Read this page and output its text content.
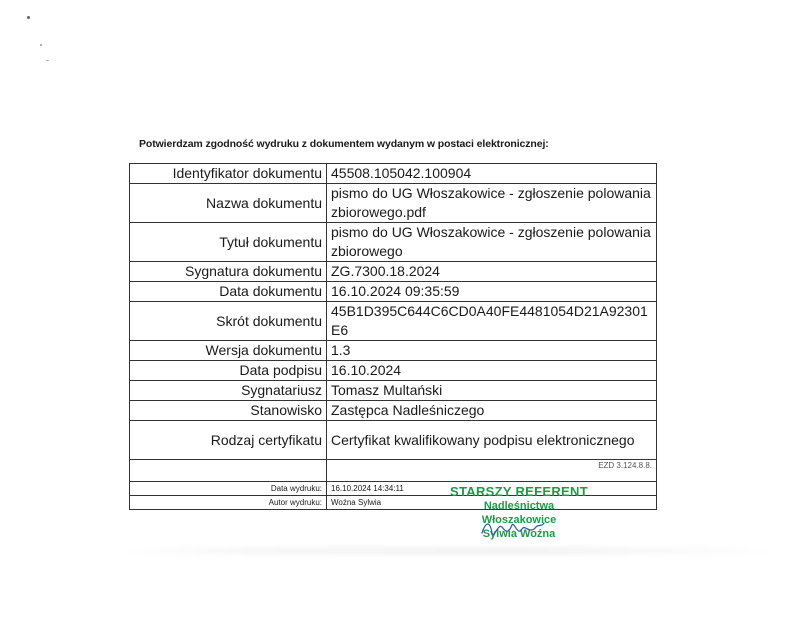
Potwierdzam zgodność wydruku z dokumentem wydanym w postaci elektronicznej:
Identyfikator dokumentu	45508.105042.100904
Nazwa dokumentu	pismo do UG Włoszakowice - zgłoszenie polowania zbiorowego.pdf
Tytuł dokumentu	pismo do UG Włoszakowice - zgłoszenie polowania zbiorowego
Sygnatura dokumentu	ZG.7300.18.2024
Data dokumentu	16.10.2024 09:35:59
Skrót dokumentu	45B1D395C644C6CD0A40FE4481054D21A92301E6
Wersja dokumentu	1.3
Data podpisu	16.10.2024
Sygnatariusz	Tomasz Multański
Stanowisko	Zastępca Nadleśniczego
Rodzaj certyfikatu	Certyfikat kwalifikowany podpisu elektronicznego

	EZD 3.124.8.8.

Data wydruku:	16.10.2024 14:34:11
Autor wydruku:	Woźna Sylwia
STARSZY REFERENT
Nadleśnictwa
Włoszakowice
Sylwia Woźna
